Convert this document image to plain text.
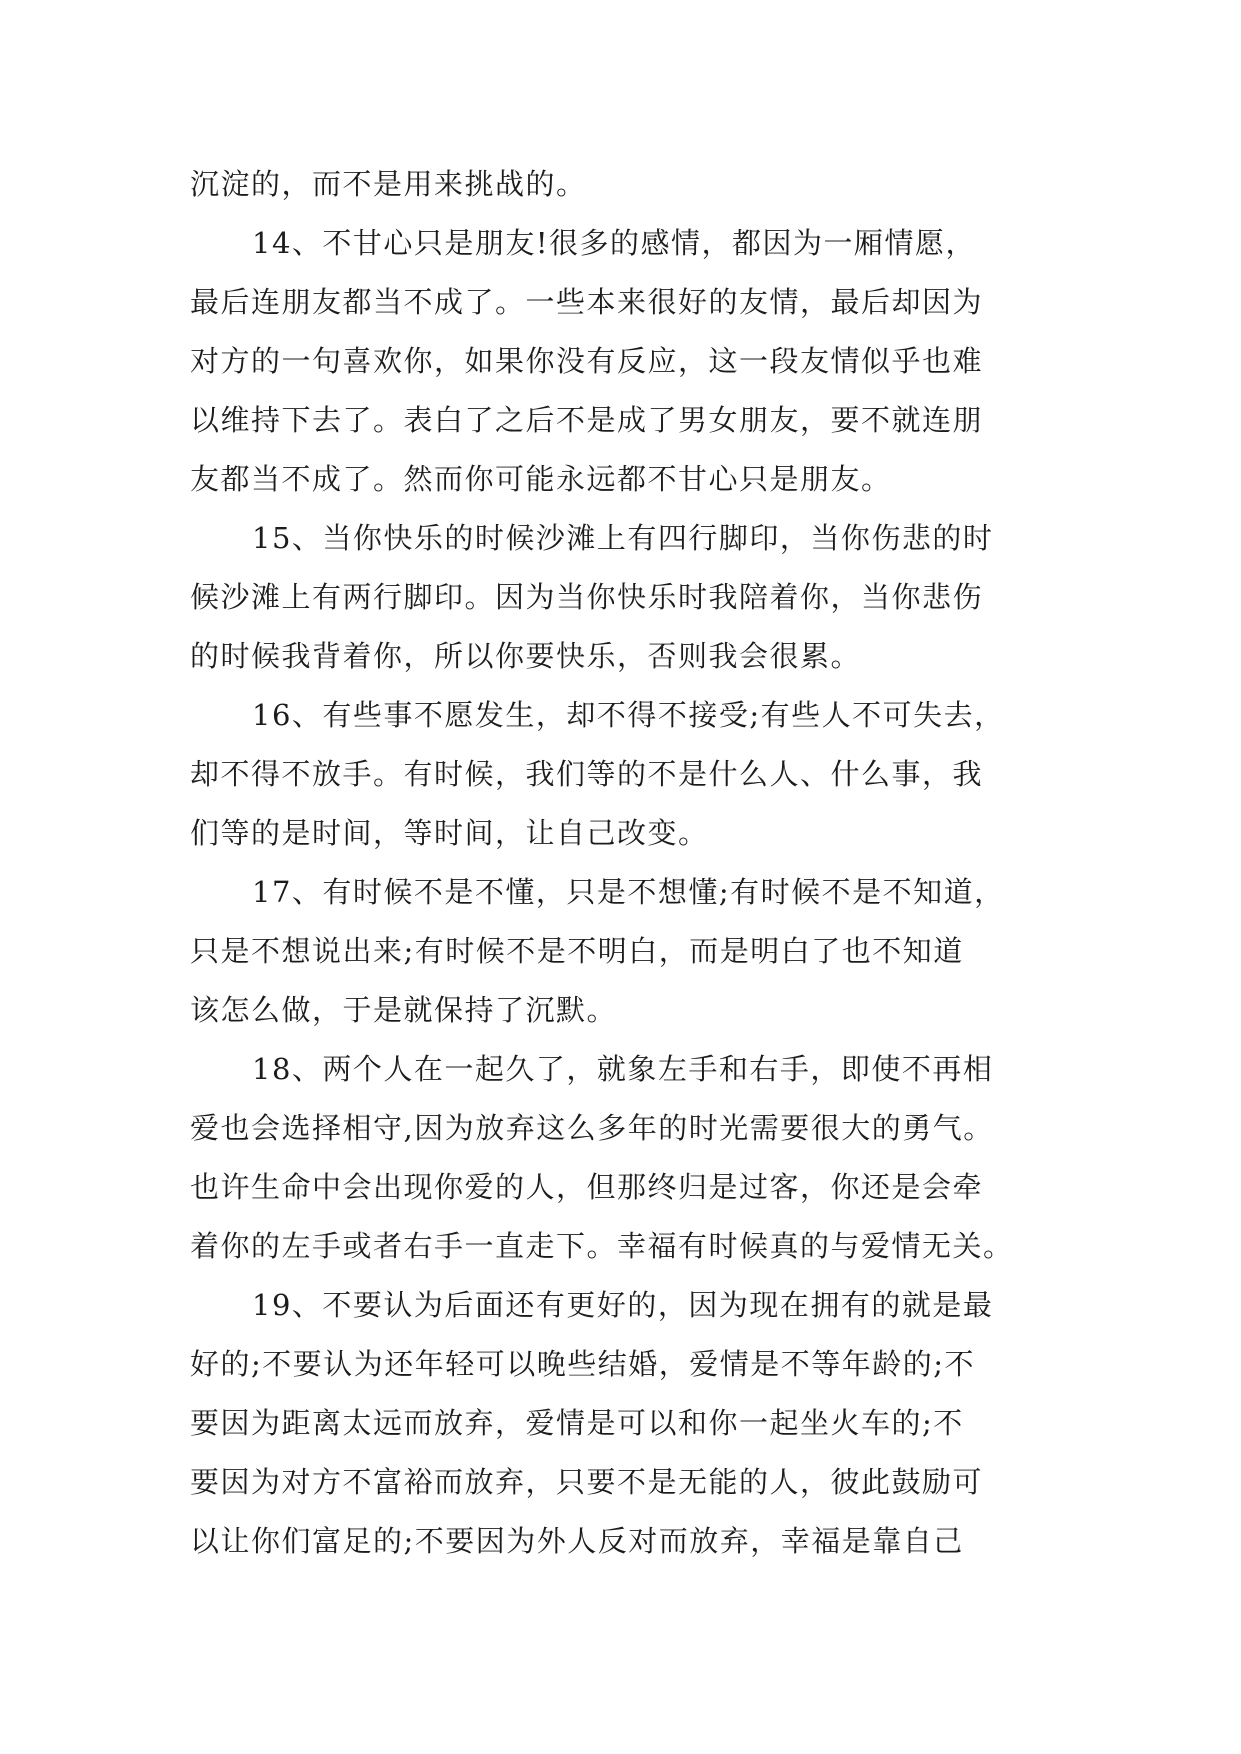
沉淀的，而不是用来挑战的。
14、不甘心只是朋友!很多的感情，都因为一厢情愿，
最后连朋友都当不成了。一些本来很好的友情，最后却因为
对方的一句喜欢你，如果你没有反应，这一段友情似乎也难
以维持下去了。表白了之后不是成了男女朋友，要不就连朋
友都当不成了。然而你可能永远都不甘心只是朋友。
15、当你快乐的时候沙滩上有四行脚印，当你伤悲的时
候沙滩上有两行脚印。因为当你快乐时我陪着你，当你悲伤
的时候我背着你，所以你要快乐，否则我会很累。
16、有些事不愿发生，却不得不接受;有些人不可失去，
却不得不放手。有时候，我们等的不是什么人、什么事，我
们等的是时间，等时间，让自己改变。
17、有时候不是不懂，只是不想懂;有时候不是不知道，
只是不想说出来;有时候不是不明白，而是明白了也不知道
该怎么做，于是就保持了沉默。
18、两个人在一起久了，就象左手和右手，即使不再相
爱也会选择相守,因为放弃这么多年的时光需要很大的勇气。
也许生命中会出现你爱的人，但那终归是过客，你还是会牵
着你的左手或者右手一直走下。幸福有时候真的与爱情无关。
19、不要认为后面还有更好的，因为现在拥有的就是最
好的;不要认为还年轻可以晚些结婚，爱情是不等年龄的;不
要因为距离太远而放弃，爱情是可以和你一起坐火车的;不
要因为对方不富裕而放弃，只要不是无能的人，彼此鼓励可
以让你们富足的;不要因为外人反对而放弃，幸福是靠自己
